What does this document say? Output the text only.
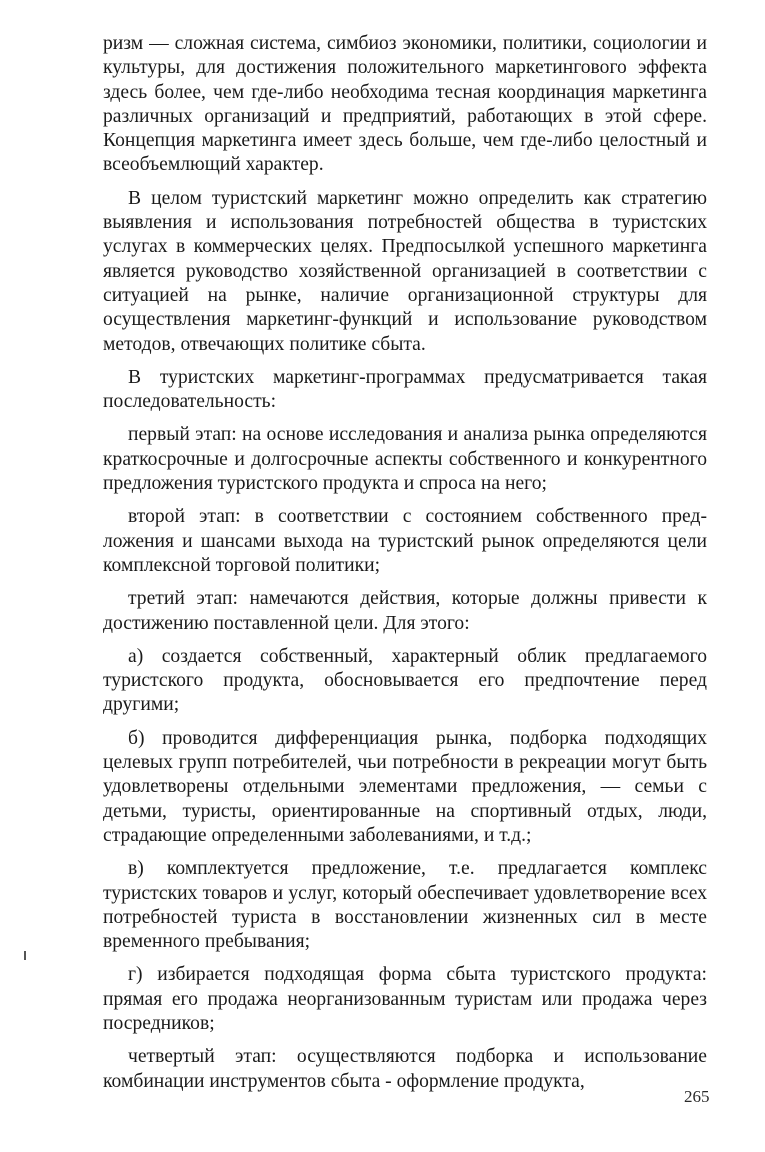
ризм — сложная система, симбиоз экономики, политики, социологии и культуры, для достижения положительного маркетингового эффекта здесь более, чем где-либо необходима тесная координация маркетинга различных организаций и предприятий, работающих в этой сфере. Концепция маркетинга имеет здесь больше, чем где-либо целостный и всеобъемлющий характер.

В целом туристский маркетинг можно определить как стратегию выявления и использования потребностей общества в туристских услугах в коммерческих целях. Предпосылкой успешного маркетинга является руководство хозяйственной организацией в соответствии с ситуацией на рынке, наличие организационной структуры для осуществления маркетинг-функций и использование руководством методов, отвечающих политике сбыта.

В туристских маркетинг-программах предусматривается такая последовательность:

первый этап: на основе исследования и анализа рынка определяются краткосрочные и долгосрочные аспекты собственного и конкурентного предложения туристского продукта и спроса на него;

второй этап: в соответствии с состоянием собственного предложения и шансами выхода на туристский рынок определяются цели комплексной торговой политики;

третий этап: намечаются действия, которые должны привести к достижению поставленной цели. Для этого:

а) создается собственный, характерный облик предлагаемого туристского продукта, обосновывается его предпочтение перед другими;

б) проводится дифференциация рынка, подборка подходящих целевых групп потребителей, чьи потребности в рекреации могут быть удовлетворены отдельными элементами предложения, — семьи с детьми, туристы, ориентированные на спортивный отдых, люди, страдающие определенными заболеваниями, и т.д.;

в) комплектуется предложение, т.е. предлагается комплекс туристских товаров и услуг, который обеспечивает удовлетворение всех потребностей туриста в восстановлении жизненных сил в месте временного пребывания;

г) избирается подходящая форма сбыта туристского продукта: прямая его продажа неорганизованным туристам или продажа через посредников;

четвертый этап: осуществляются подборка и использование комбинации инструментов сбыта - оформление продукта,

265
